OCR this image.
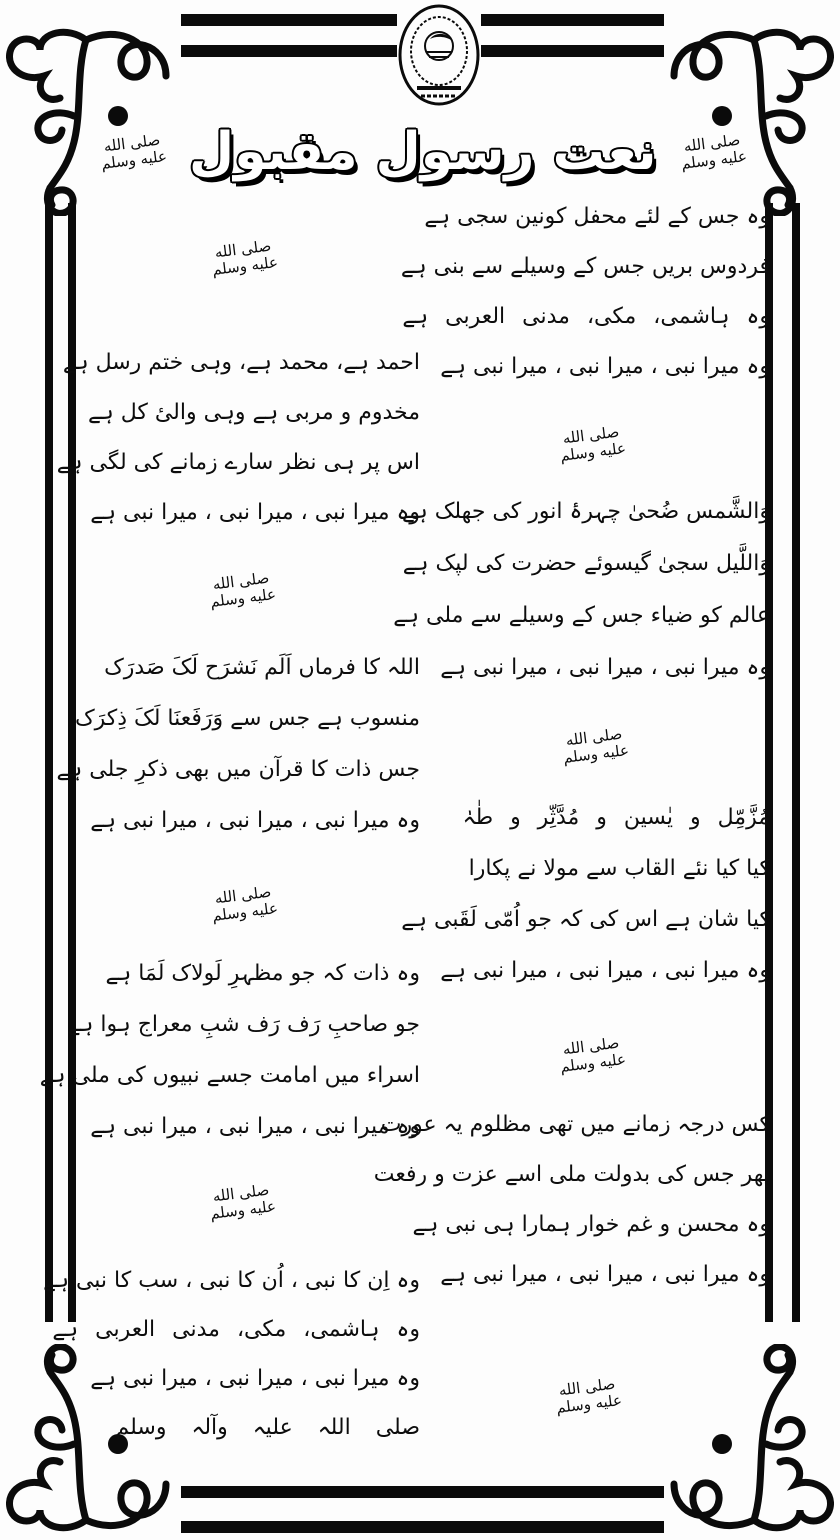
صلى الله عليه وسلم نعت رسول مقبول	صلى الله عليه وسلم
صلى الله عليه وسلم
صلى الله عليه وسلم
صلى الله عليه وسلم
صلى الله عليه وسلم
صلى الله عليه وسلم
صلى الله عليه وسلم
صلى الله عليه وسلم
صلى الله عليه وسلم
وہ جس کے لئے محفل کونین سجی ہے
فردوس بریں جس کے وسیلے سے بنی ہے
وہ ہاشمی، مکی، مدنی العربی ہے
وہ میرا نبی ، میرا نبی ، میرا نبی ہے
وَالشَّمس ضُحیٰ چہرۂ انور کی جھلک ہے
وَاللَّیل سجیٰ گیسوئے حضرت کی لپک ہے
عالم کو ضیاء جس کے وسیلے سے ملی ہے
وہ میرا نبی ، میرا نبی ، میرا نبی ہے
مُزَّمِّل و یٰسین و مُدَّثِّر و طٰہٰ
کیا کیا نئے القاب سے مولا نے پکارا
کیا شان ہے اس کی کہ جو اُمّی لَقَبی ہے
وہ میرا نبی ، میرا نبی ، میرا نبی ہے
کس درجہ زمانے میں تھی مظلوم یہ عورت
پھر جس کی بدولت ملی اسے عزت و رفعت
وہ محسن و غم خوار ہمارا ہی نبی ہے
وہ میرا نبی ، میرا نبی ، میرا نبی ہے
احمد ہے، محمد ہے، وہی ختم رسل ہے
مخدوم و مربی ہے وہی والیٔ کل ہے
اس پر ہی نظر سارے زمانے کی لگی ہے
وہ میرا نبی ، میرا نبی ، میرا نبی ہے
اللہ کا فرماں اَلَم نَشرَح لَکَ صَدرَک
منسوب ہے جس سے وَرَفَعنَا لَکَ ذِکرَک
جس ذات کا قرآن میں بھی ذکرِ جلی ہے
وہ میرا نبی ، میرا نبی ، میرا نبی ہے
وہ ذات کہ جو مظہرِ لَولاک لَمَا ہے
جو صاحبِ رَف رَف شبِ معراج ہوا ہے
اسراء میں امامت جسے نبیوں کی ملی ہے
وہ میرا نبی ، میرا نبی ، میرا نبی ہے
وہ اِن کا نبی ، اُن کا نبی ، سب کا نبی ہے
وہ ہاشمی، مکی، مدنی العربی ہے
وہ میرا نبی ، میرا نبی ، میرا نبی ہے
صلی اللہ علیہ وآلہ وسلم
